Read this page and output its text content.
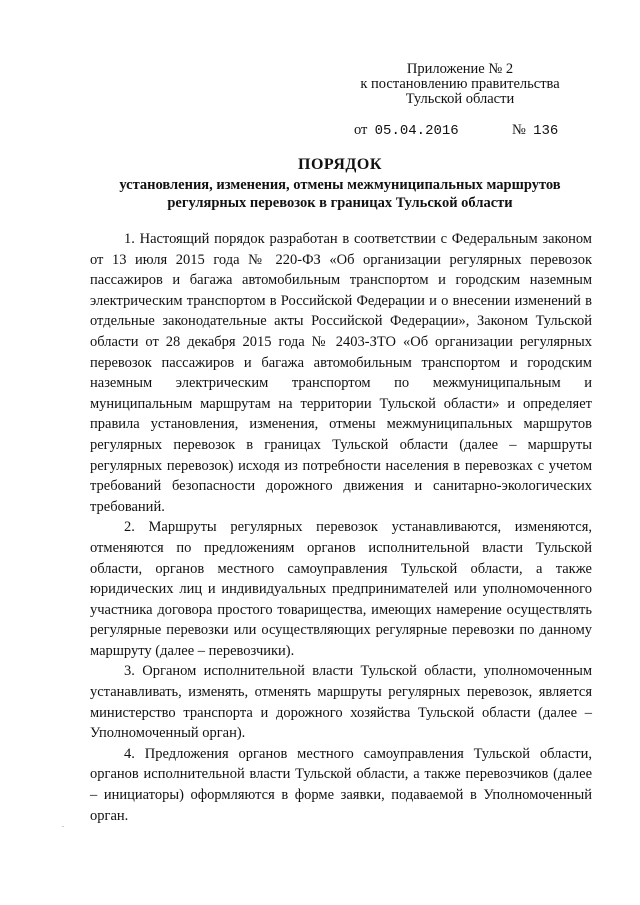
Приложение № 2
к постановлению правительства
Тульской области
от 05.04.2016	№ 136
ПОРЯДОК
установления, изменения, отмены межмуниципальных маршрутов
регулярных перевозок в границах Тульской области

1. Настоящий порядок разработан в соответствии с Федеральным законом от 13 июля 2015 года № 220-ФЗ «Об организации регулярных перевозок пассажиров и багажа автомобильным транспортом и городским наземным электрическим транспортом в Российской Федерации и о внесении изменений в отдельные законодательные акты Российской Федерации», Законом Тульской области от 28 декабря 2015 года № 2403-ЗТО «Об организации регулярных перевозок пассажиров и багажа автомобильным транспортом и городским наземным электрическим транспортом по межмуниципальным и муниципальным маршрутам на территории Тульской области» и определяет правила установления, изменения, отмены межмуниципальных маршрутов регулярных перевозок в границах Тульской области (далее – маршруты регулярных перевозок) исходя из потребности населения в перевозках с учетом требований безопасности дорожного движения и санитарно-экологических требований.

2. Маршруты регулярных перевозок устанавливаются, изменяются, отменяются по предложениям органов исполнительной власти Тульской области, органов местного самоуправления Тульской области, а также юридических лиц и индивидуальных предпринимателей или уполномоченного участника договора простого товарищества, имеющих намерение осуществлять регулярные перевозки или осуществляющих регулярные перевозки по данному маршруту (далее – перевозчики).

3. Органом исполнительной власти Тульской области, уполномоченным устанавливать, изменять, отменять маршруты регулярных перевозок, является министерство транспорта и дорожного хозяйства Тульской области (далее – Уполномоченный орган).

4. Предложения органов местного самоуправления Тульской области, органов исполнительной власти Тульской области, а также перевозчиков (далее – инициаторы) оформляются в форме заявки, подаваемой в Уполномоченный орган.
